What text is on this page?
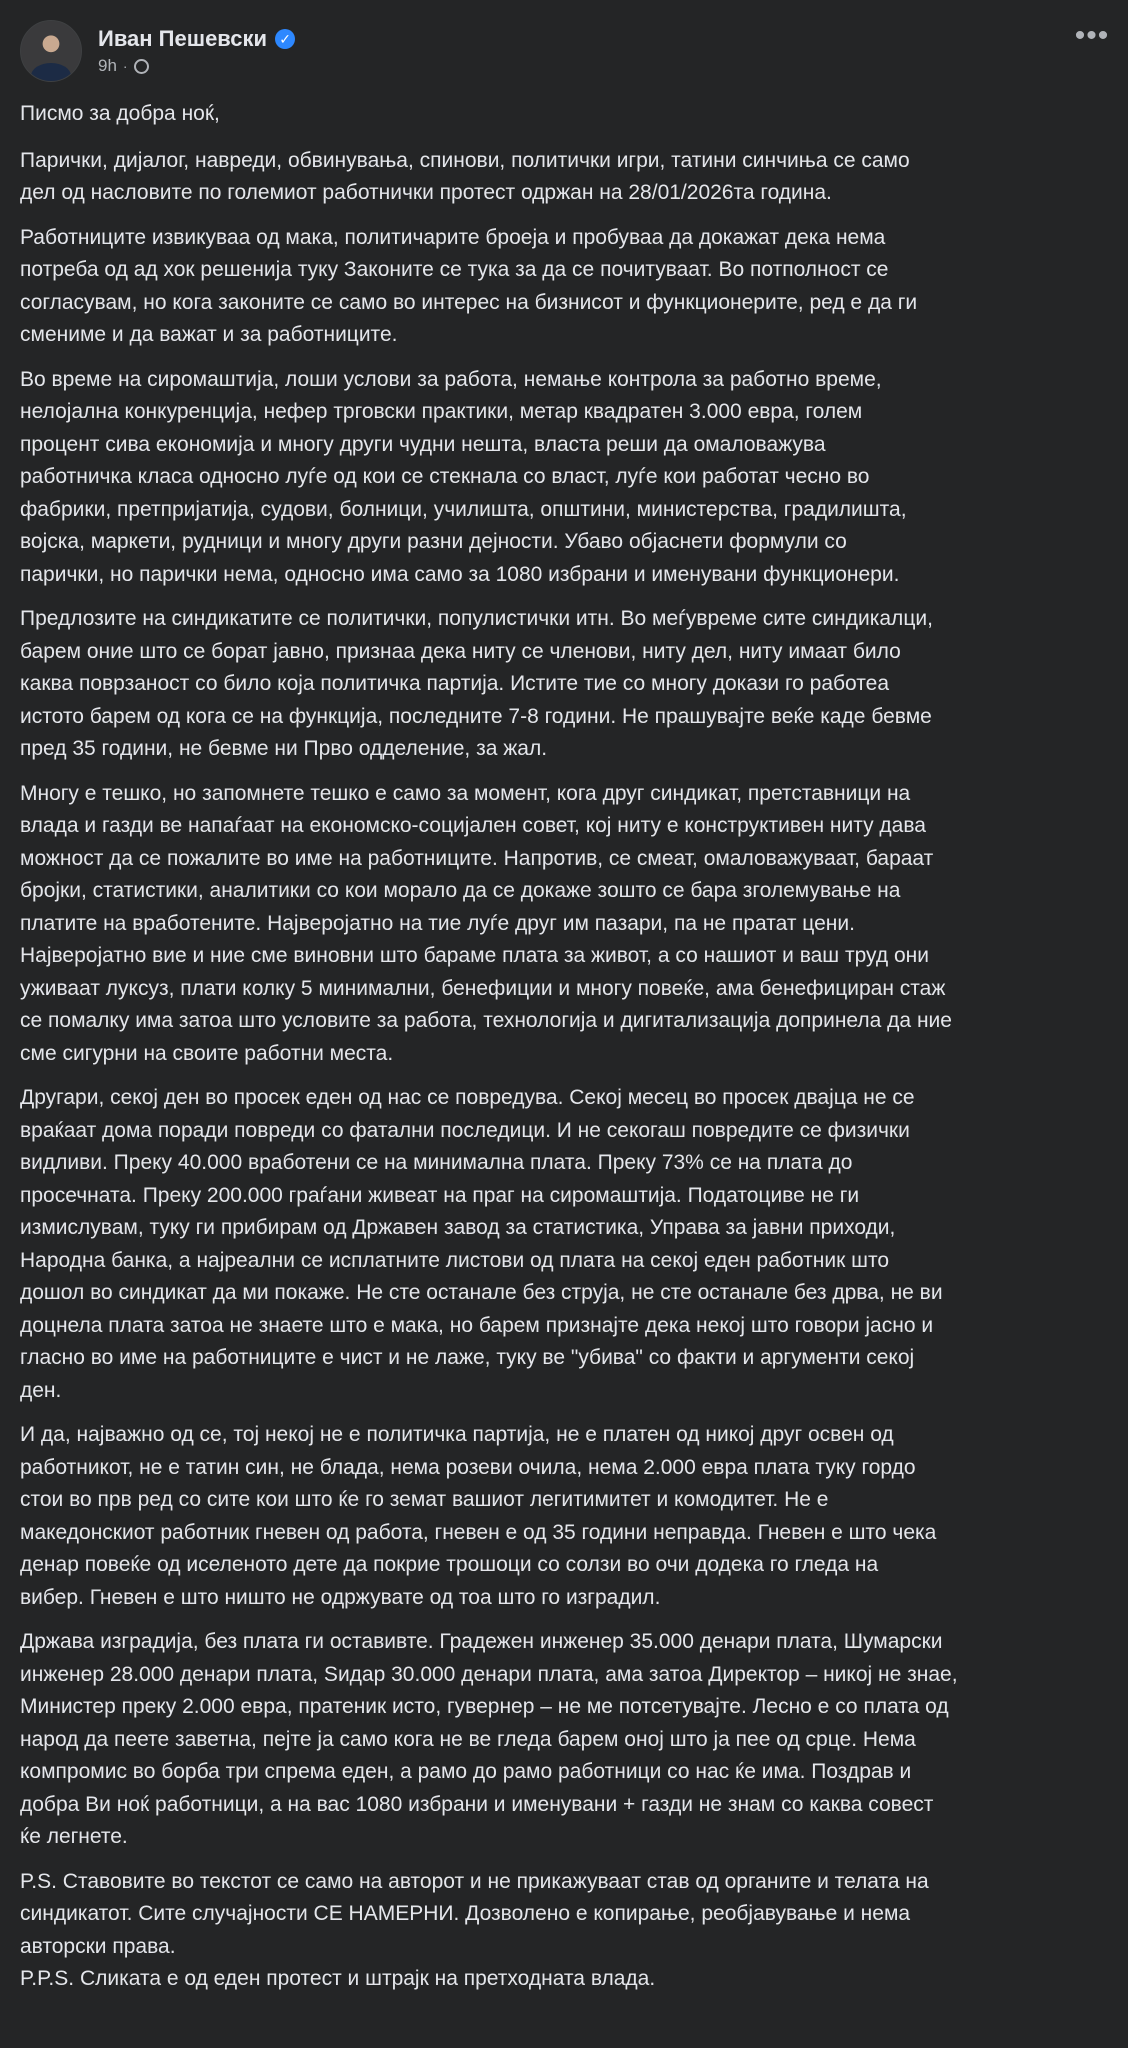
Иван Пешевски ✓
9h ·
•••
Писмо за добра ноќ,
Парички, дијалог, навреди, обвинувања, спинови, политички игри, татини синчиња се само
дел од насловите по големиот работнички протест одржан на 28/01/2026та година.
Работниците извикуваа од мака, политичарите броеја и пробуваа да докажат дека нема
потреба од ад хок решенија туку Законите се тука за да се почитуваат. Во потполност се
согласувам, но кога законите се само во интерес на бизнисот и функционерите, ред е да ги
смениме и да важат и за работниците.
Во време на сиромаштија, лоши услови за работа, немање контрола за работно време,
нелојална конкуренција, нефер трговски практики, метар квадратен 3.000 евра, голем
процент сива економија и многу други чудни нешта, власта реши да омаловажува
работничка класа односно луѓе од кои се стекнала со власт, луѓе кои работат чесно во
фабрики, претпријатија, судови, болници, училишта, општини, министерства, градилишта,
војска, маркети, рудници и многу други разни дејности. Убаво објаснети формули со
парички, но парички нема, односно има само за 1080 избрани и именувани функционери.
Предлозите на синдикатите се политички, популистички итн. Во меѓувреме сите синдикалци,
барем оние што се борат јавно, признаа дека ниту се членови, ниту дел, ниту имаат било
каква поврзаност со било која политичка партија. Истите тие со многу докази го работеа
истото барем од кога се на функција, последните 7-8 години. Не прашувајте веќе каде бевме
пред 35 години, не бевме ни Прво одделение, за жал.
Многу е тешко, но запомнете тешко е само за момент, кога друг синдикат, претставници на
влада и газди ве напаѓаат на економско-социјален совет, кој ниту е конструктивен ниту дава
можност да се пожалите во име на работниците. Напротив, се смеат, омаловажуваат, бараат
бројки, статистики, аналитики со кои морало да се докаже зошто се бара зголемување на
платите на вработените. Најверојатно на тие луѓе друг им пазари, па не пратат цени.
Најверојатно вие и ние сме виновни што бараме плата за живот, а со нашиот и ваш труд они
уживаат луксуз, плати колку 5 минимални, бенефиции и многу повеќе, ама бенефициран стаж
се помалку има затоа што условите за работа, технологија и дигитализација допринела да ние
сме сигурни на своите работни места.
Другари, секој ден во просек еден од нас се повредува. Секој месец во просек двајца не се
враќаат дома поради повреди со фатални последици. И не секогаш повредите се физички
видливи. Преку 40.000 вработени се на минимална плата. Преку 73% се на плата до
просечната. Преку 200.000 граѓани живеат на праг на сиромаштија. Податоциве не ги
измислувам, туку ги прибирам од Државен завод за статистика, Управа за јавни приходи,
Народна банка, а најреални се исплатните листови од плата на секој еден работник што
дошол во синдикат да ми покаже. Не сте останале без струја, не сте останале без дрва, не ви
доцнела плата затоа не знаете што е мака, но барем признајте дека некој што говори јасно и
гласно во име на работниците е чист и не лаже, туку ве "убива" со факти и аргументи секој
ден.
И да, најважно од се, тој некој не е политичка партија, не е платен од никој друг освен од
работникот, не е татин син, не блада, нема розеви очила, нема 2.000 евра плата туку гордо
стои во прв ред со сите кои што ќе го земат вашиот легитимитет и комодитет. Не е
македонскиот работник гневен од работа, гневен е од 35 години неправда. Гневен е што чека
денар повеќе од иселеното дете да покрие трошоци со солзи во очи додека го гледа на
вибер. Гневен е што ништо не одржувате од тоа што го изградил.
Држава изградија, без плата ги оставивте. Градежен инженер 35.000 денари плата, Шумарски
инженер 28.000 денари плата, Ѕидар 30.000 денари плата, ама затоа Директор – никој не знае,
Министер преку 2.000 евра, пратеник исто, гувернер – не ме потсетувајте. Лесно е со плата од
народ да пеете заветна, пејте ја само кога не ве гледа барем оној што ја пее од срце. Нема
компромис во борба три спрема еден, а рамо до рамо работници со нас ќе има. Поздрав и
добра Ви ноќ работници, а на вас 1080 избрани и именувани + газди не знам со каква совест
ќе легнете.
P.S. Ставовите во текстот се само на авторот и не прикажуваат став од органите и телата на
синдикатот. Сите случајности СЕ НАМЕРНИ. Дозволено е копирање, реобјавување и нема
авторски права.
P.P.S. Сликата е од еден протест и штрајк на претходната влада.
